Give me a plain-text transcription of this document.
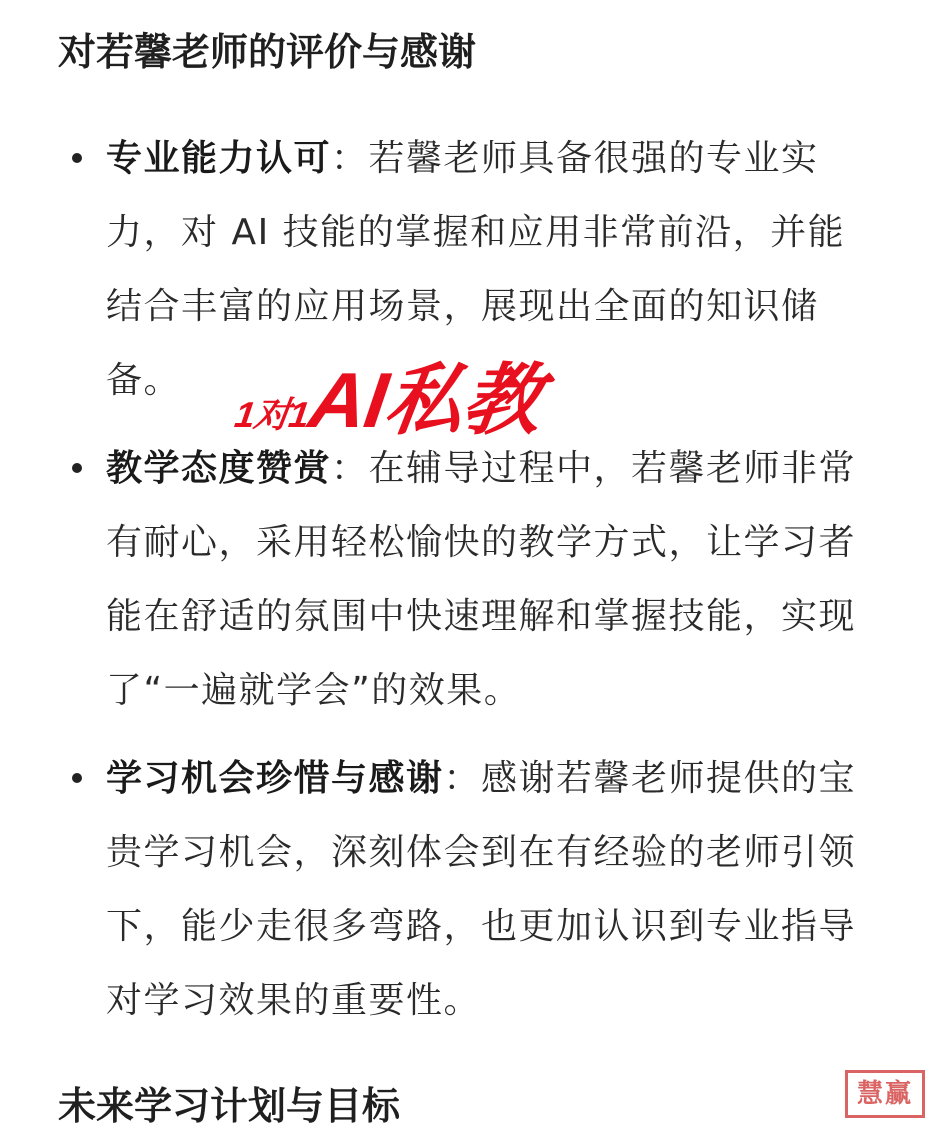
对若馨老师的评价与感谢
专业能力认可：若馨老师具备很强的专业实力，对 AI 技能的掌握和应用非常前沿，并能结合丰富的应用场景，展现出全面的知识储备。
教学态度赞赏：在辅导过程中，若馨老师非常有耐心，采用轻松愉快的教学方式，让学习者能在舒适的氛围中快速理解和掌握技能，实现了“一遍就学会”的效果。
学习机会珍惜与感谢：感谢若馨老师提供的宝贵学习机会，深刻体会到在有经验的老师引领下，能少走很多弯路，也更加认识到专业指导对学习效果的重要性。
1对1AI私教
未来学习计划与目标	慧赢
